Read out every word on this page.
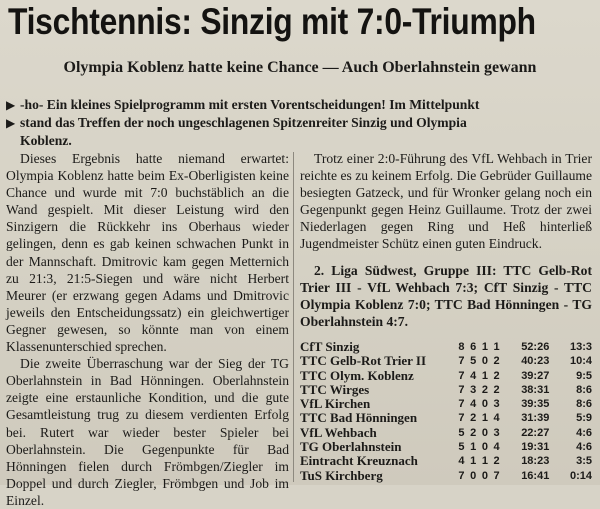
Tischtennis: Sinzig mit 7:0-Triumph
Olympia Koblenz hatte keine Chance — Auch Oberlahnstein gewann
▶ -ho- Ein kleines Spielprogramm mit ersten Vorentscheidungen! Im Mittelpunkt
▶ stand das Treffen der noch ungeschlagenen Spitzenreiter Sinzig und Olympia
Koblenz.

Dieses Ergebnis hatte niemand erwartet: Olympia Koblenz hatte beim Ex-Oberligisten keine Chance und wurde mit 7:0 buchstäblich an die Wand gespielt. Mit dieser Leistung wird den Sinzigern die Rückkehr ins Oberhaus wieder gelingen, denn es gab keinen schwachen Punkt in der Mannschaft. Dmitrovic kam gegen Metternich zu 21:3, 21:5-Siegen und wäre nicht Herbert Meurer (er erzwang gegen Adams und Dmitrovic jeweils den Entscheidungssatz) ein gleichwertiger Gegner gewesen, so könnte man von einem Klassenunterschied sprechen.

Die zweite Überraschung war der Sieg der TG Oberlahnstein in Bad Hönningen. Oberlahnstein zeigte eine erstaunliche Kondition, und die gute Gesamtleistung trug zu diesem verdienten Erfolg bei. Rutert war wieder bester Spieler bei Oberlahnstein. Die Gegenpunkte für Bad Hönningen fielen durch Frömbgen/Ziegler im Doppel und durch Ziegler, Frömbgen und Job im Einzel.

Trotz einer 2:0-Führung des VfL Wehbach in Trier reichte es zu keinem Erfolg. Die Gebrüder Guillaume besiegten Gatzeck, und für Wronker gelang noch ein Gegenpunkt gegen Heinz Guillaume. Trotz der zwei Niederlagen gegen Ring und Heß hinterließ Jugendmeister Schütz einen guten Eindruck.

2. Liga Südwest, Gruppe III: TTC Gelb-Rot Trier III - VfL Wehbach 7:3; CfT Sinzig - TTC Olympia Koblenz 7:0; TTC Bad Hönningen - TG Oberlahnstein 4:7.

CfT Sinzig	8	6	1	1	52:26	13:3
TTC Gelb-Rot Trier II	7	5	0	2	40:23	10:4
TTC Olym. Koblenz	7	4	1	2	39:27	9:5
TTC Wirges	7	3	2	2	38:31	8:6
VfL Kirchen	7	4	0	3	39:35	8:6
TTC Bad Hönningen	7	2	1	4	31:39	5:9
VfL Wehbach	5	2	0	3	22:27	4:6
TG Oberlahnstein	5	1	0	4	19:31	4:6
Eintracht Kreuznach	4	1	1	2	18:23	3:5
TuS Kirchberg	7	0	0	7	16:41	0:14
